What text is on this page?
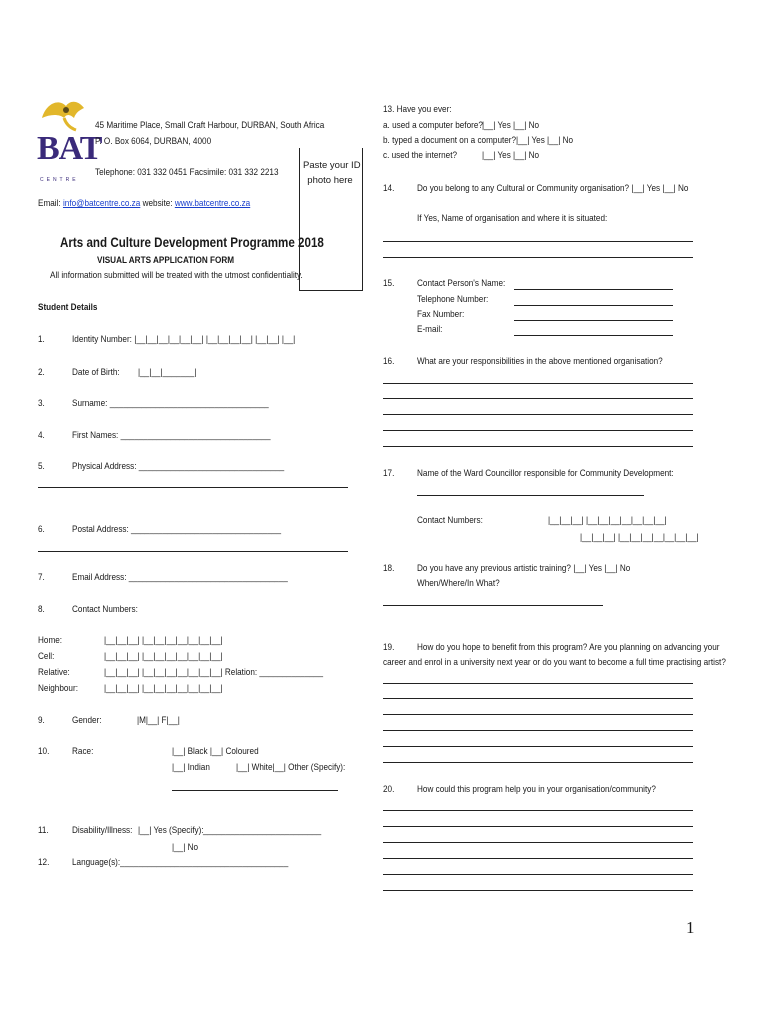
BAT
CENTRE
45 Maritime Place, Small Craft Harbour, DURBAN, South Africa
P. O. Box 6064, DURBAN, 4000
Telephone: 031 332 0451 Facsimile: 031 332 2213
Email: info@batcentre.co.za website: www.batcentre.co.za
Paste your ID
photo here
Arts and Culture Development Programme 2018
VISUAL ARTS APPLICATION FORM
All information submitted will be treated with the utmost confidentiality.
Student Details
1.	Identity Number: |__|__|__|__|__|__| |__|__|__|__| |__|__| |__|
2.	Date of Birth: |__|__|_______|
3.	Surname: ___________________________________
4.	First Names: _________________________________
5.	Physical Address: ________________________________
6.	Postal Address: _________________________________
7.	Email Address: ___________________________________
8.	Contact Numbers:
Home:	|__|__|__| |__|__|__|__|__|__|__|
Cell:	|__|__|__| |__|__|__|__|__|__|__|
Relative:	|__|__|__| |__|__|__|__|__|__|__| Relation: ______________
Neighbour:	|__|__|__| |__|__|__|__|__|__|__|
9.	Gender:	|M|__| F|__|
10. Race:	|__| Black |__| Coloured
|__| Indian	|__| White|__| Other (Specify):
11. Disability/Illness: |__| Yes (Specify): __________________________
|__| No
12. Language(s):_____________________________________
13. Have you ever:
a. used a computer before? |__| Yes |__| No
b. typed a document on a computer? |__| Yes |__| No
c. used the internet?	|__| Yes |__| No
14. Do you belong to any Cultural or Community organisation? |__| Yes |__| No
If Yes, Name of organisation and where it is situated:
15. Contact Person's Name:
Telephone Number:
Fax Number:
E-mail:
16. What are your responsibilities in the above mentioned organisation?
17. Name of the Ward Councillor responsible for Community Development:
Contact Numbers:	|__|__|__| |__|__|__|__|__|__|__|
|__|__|__| |__|__|__|__|__|__|__|
18. Do you have any previous artistic training? |__| Yes |__| No
When/Where/In What?
19. How do you hope to benefit from this program? Are you planning on advancing your
career and enrol in a university next year or do you want to become a full time practising artist?
20. How could this program help you in your organisation/community?
1
